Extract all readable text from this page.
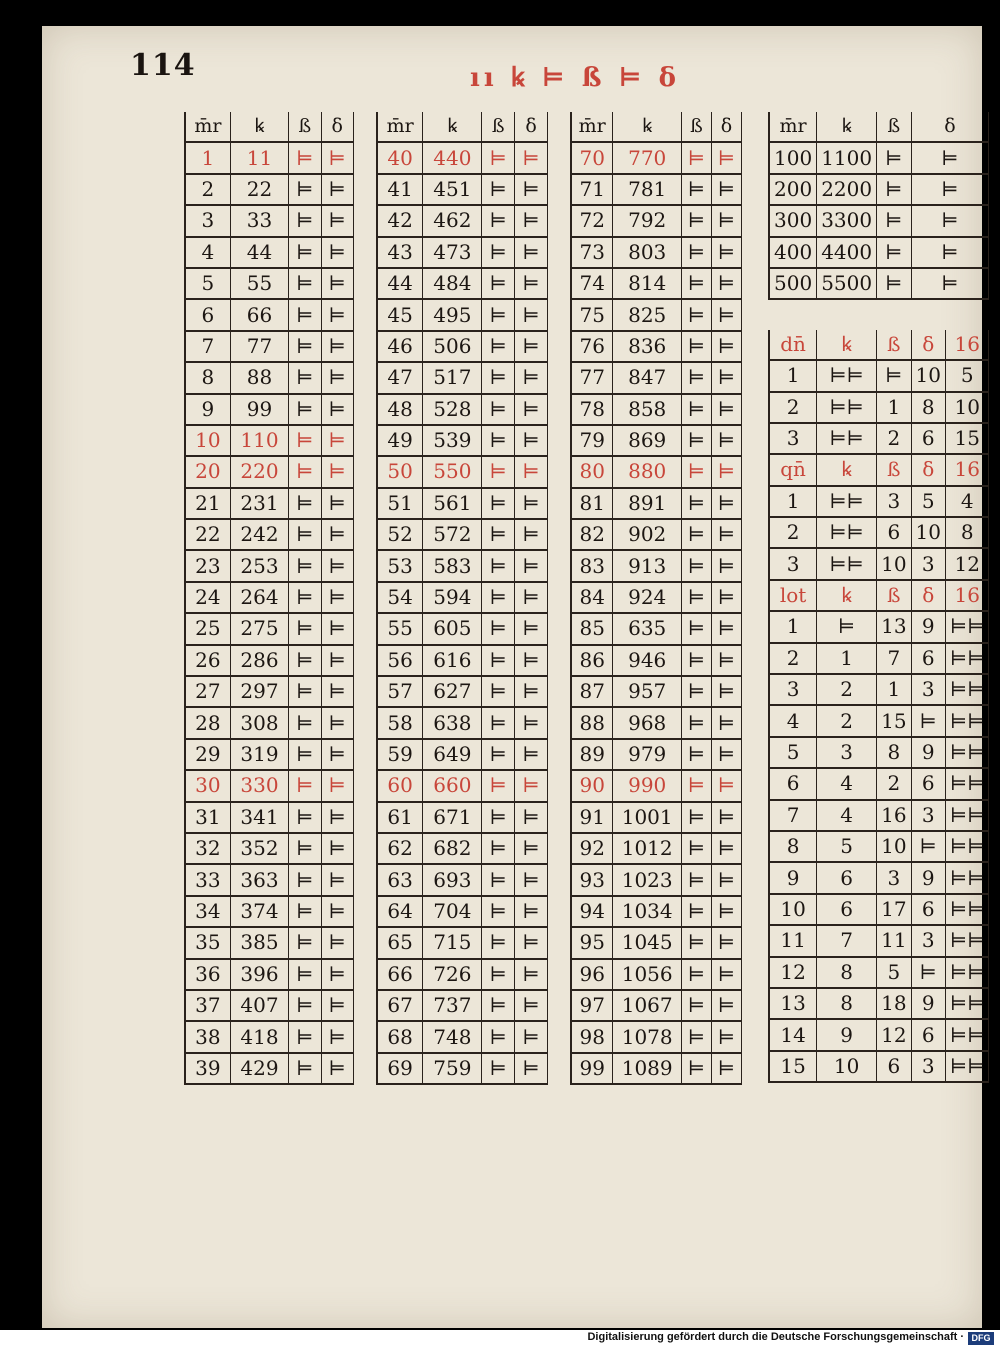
114	ıı ꝃ ⊨ ß ⊨ ẟ
m̄r	ꝃ	ß	ẟ
1	11	⊨	⊨
2	22	⊨	⊨
3	33	⊨	⊨
4	44	⊨	⊨
5	55	⊨	⊨
6	66	⊨	⊨
7	77	⊨	⊨
8	88	⊨	⊨
9	99	⊨	⊨
10	110	⊨	⊨
20	220	⊨	⊨
21	231	⊨	⊨
22	242	⊨	⊨
23	253	⊨	⊨
24	264	⊨	⊨
25	275	⊨	⊨
26	286	⊨	⊨
27	297	⊨	⊨
28	308	⊨	⊨
29	319	⊨	⊨
30	330	⊨	⊨
31	341	⊨	⊨
32	352	⊨	⊨
33	363	⊨	⊨
34	374	⊨	⊨
35	385	⊨	⊨
36	396	⊨	⊨
37	407	⊨	⊨
38	418	⊨	⊨
39	429	⊨	⊨
m̄r	ꝃ	ß	ẟ
40	440	⊨	⊨
41	451	⊨	⊨
42	462	⊨	⊨
43	473	⊨	⊨
44	484	⊨	⊨
45	495	⊨	⊨
46	506	⊨	⊨
47	517	⊨	⊨
48	528	⊨	⊨
49	539	⊨	⊨
50	550	⊨	⊨
51	561	⊨	⊨
52	572	⊨	⊨
53	583	⊨	⊨
54	594	⊨	⊨
55	605	⊨	⊨
56	616	⊨	⊨
57	627	⊨	⊨
58	638	⊨	⊨
59	649	⊨	⊨
60	660	⊨	⊨
61	671	⊨	⊨
62	682	⊨	⊨
63	693	⊨	⊨
64	704	⊨	⊨
65	715	⊨	⊨
66	726	⊨	⊨
67	737	⊨	⊨
68	748	⊨	⊨
69	759	⊨	⊨
m̄r	ꝃ	ß	ẟ
70	770	⊨	⊨
71	781	⊨	⊨
72	792	⊨	⊨
73	803	⊨	⊨
74	814	⊨	⊨
75	825	⊨	⊨
76	836	⊨	⊨
77	847	⊨	⊨
78	858	⊨	⊨
79	869	⊨	⊨
80	880	⊨	⊨
81	891	⊨	⊨
82	902	⊨	⊨
83	913	⊨	⊨
84	924	⊨	⊨
85	635	⊨	⊨
86	946	⊨	⊨
87	957	⊨	⊨
88	968	⊨	⊨
89	979	⊨	⊨
90	990	⊨	⊨
91	1001	⊨	⊨
92	1012	⊨	⊨
93	1023	⊨	⊨
94	1034	⊨	⊨
95	1045	⊨	⊨
96	1056	⊨	⊨
97	1067	⊨	⊨
98	1078	⊨	⊨
99	1089	⊨	⊨
m̄r	ꝃ	ß	ẟ	
100	1100	⊨	⊨	
200	2200	⊨	⊨	
300	3300	⊨	⊨	
400	4400	⊨	⊨	
500	5500	⊨	⊨	

dn̄	ꝃ	ß	ẟ	16
1	⊨⊨	⊨	10	5
2	⊨⊨	1	8	10
3	⊨⊨	2	6	15
qn̄	ꝃ	ß	ẟ	16
1	⊨⊨	3	5	4
2	⊨⊨	6	10	8
3	⊨⊨	10	3	12
lot	ꝃ	ß	ẟ	16
1	⊨	13	9	⊨⊨
2	1	7	6	⊨⊨
3	2	1	3	⊨⊨
4	2	15	⊨	⊨⊨
5	3	8	9	⊨⊨
6	4	2	6	⊨⊨
7	4	16	3	⊨⊨
8	5	10	⊨	⊨⊨
9	6	3	9	⊨⊨
10	6	17	6	⊨⊨
11	7	11	3	⊨⊨
12	8	5	⊨	⊨⊨
13	8	18	9	⊨⊨
14	9	12	6	⊨⊨
15	10	6	3	⊨⊨
Digitalisierung gefördert durch die Deutsche Forschungsgemeinschaft · DFG
